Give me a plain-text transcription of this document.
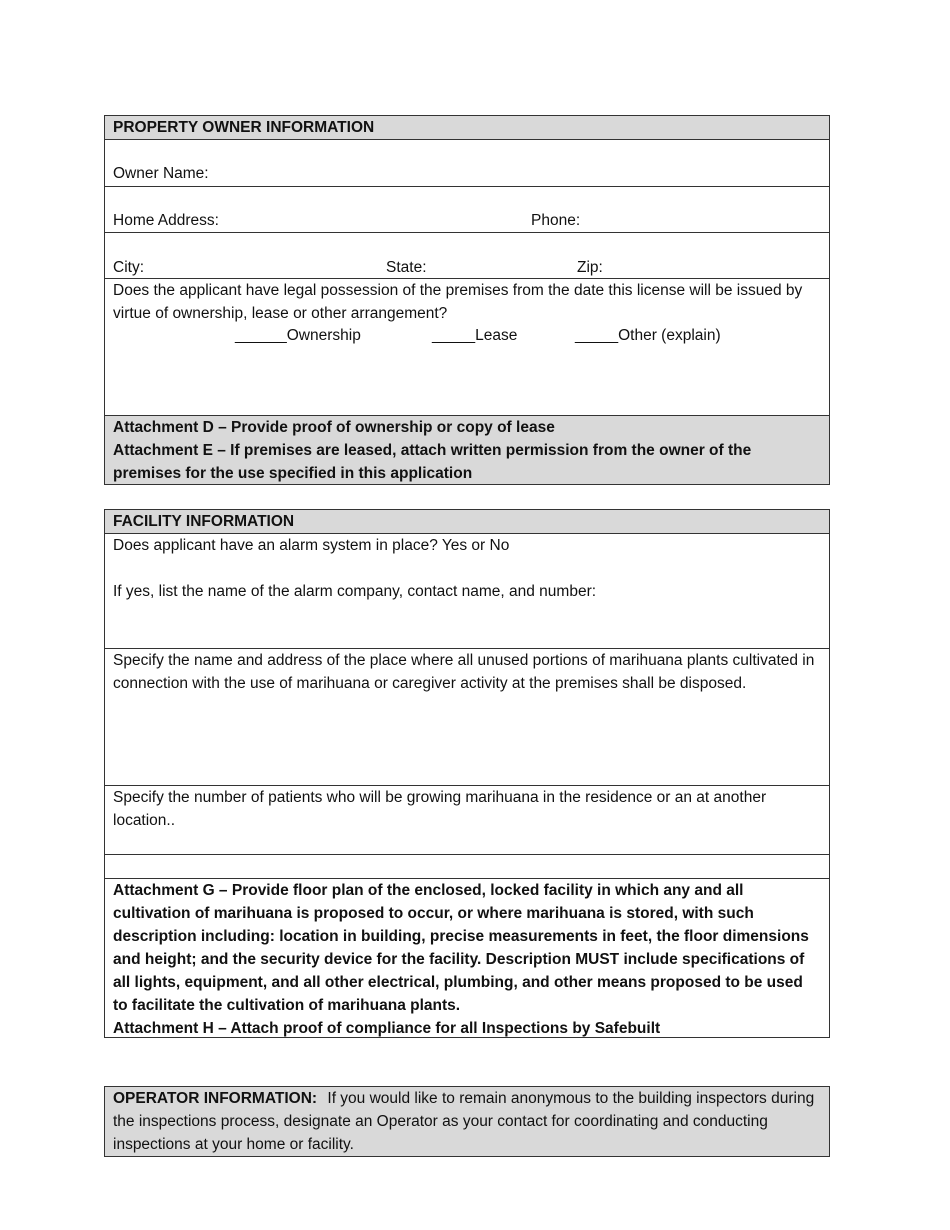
PROPERTY OWNER INFORMATION
Owner Name:
Home Address:	Phone:
City:	State:	Zip:
Does the applicant have legal possession of the premises from the date this license will be issued by virtue of ownership, lease or other arrangement?
______Ownership	_____Lease	_____Other (explain)
Attachment D – Provide proof of ownership or copy of lease
Attachment E – If premises are leased, attach written permission from the owner of the premises for the use specified in this application
FACILITY INFORMATION
Does applicant have an alarm system in place? Yes or No
If yes, list the name of the alarm company, contact name, and number:
Specify the name and address of the place where all unused portions of marihuana plants cultivated in connection with the use of marihuana or caregiver activity at the premises shall be disposed.
Specify the number of patients who will be growing marihuana in the residence or an at another location..
Attachment G – Provide floor plan of the enclosed, locked facility in which any and all cultivation of marihuana is proposed to occur, or where marihuana is stored, with such description including: location in building, precise measurements in feet, the floor dimensions and height; and the security device for the facility. Description MUST include specifications of all lights, equipment, and all other electrical, plumbing, and other means proposed to be used to facilitate the cultivation of marihuana plants.
Attachment H – Attach proof of compliance for all Inspections by Safebuilt
OPERATOR INFORMATION: If you would like to remain anonymous to the building inspectors during the inspections process, designate an Operator as your contact for coordinating and conducting inspections at your home or facility.
